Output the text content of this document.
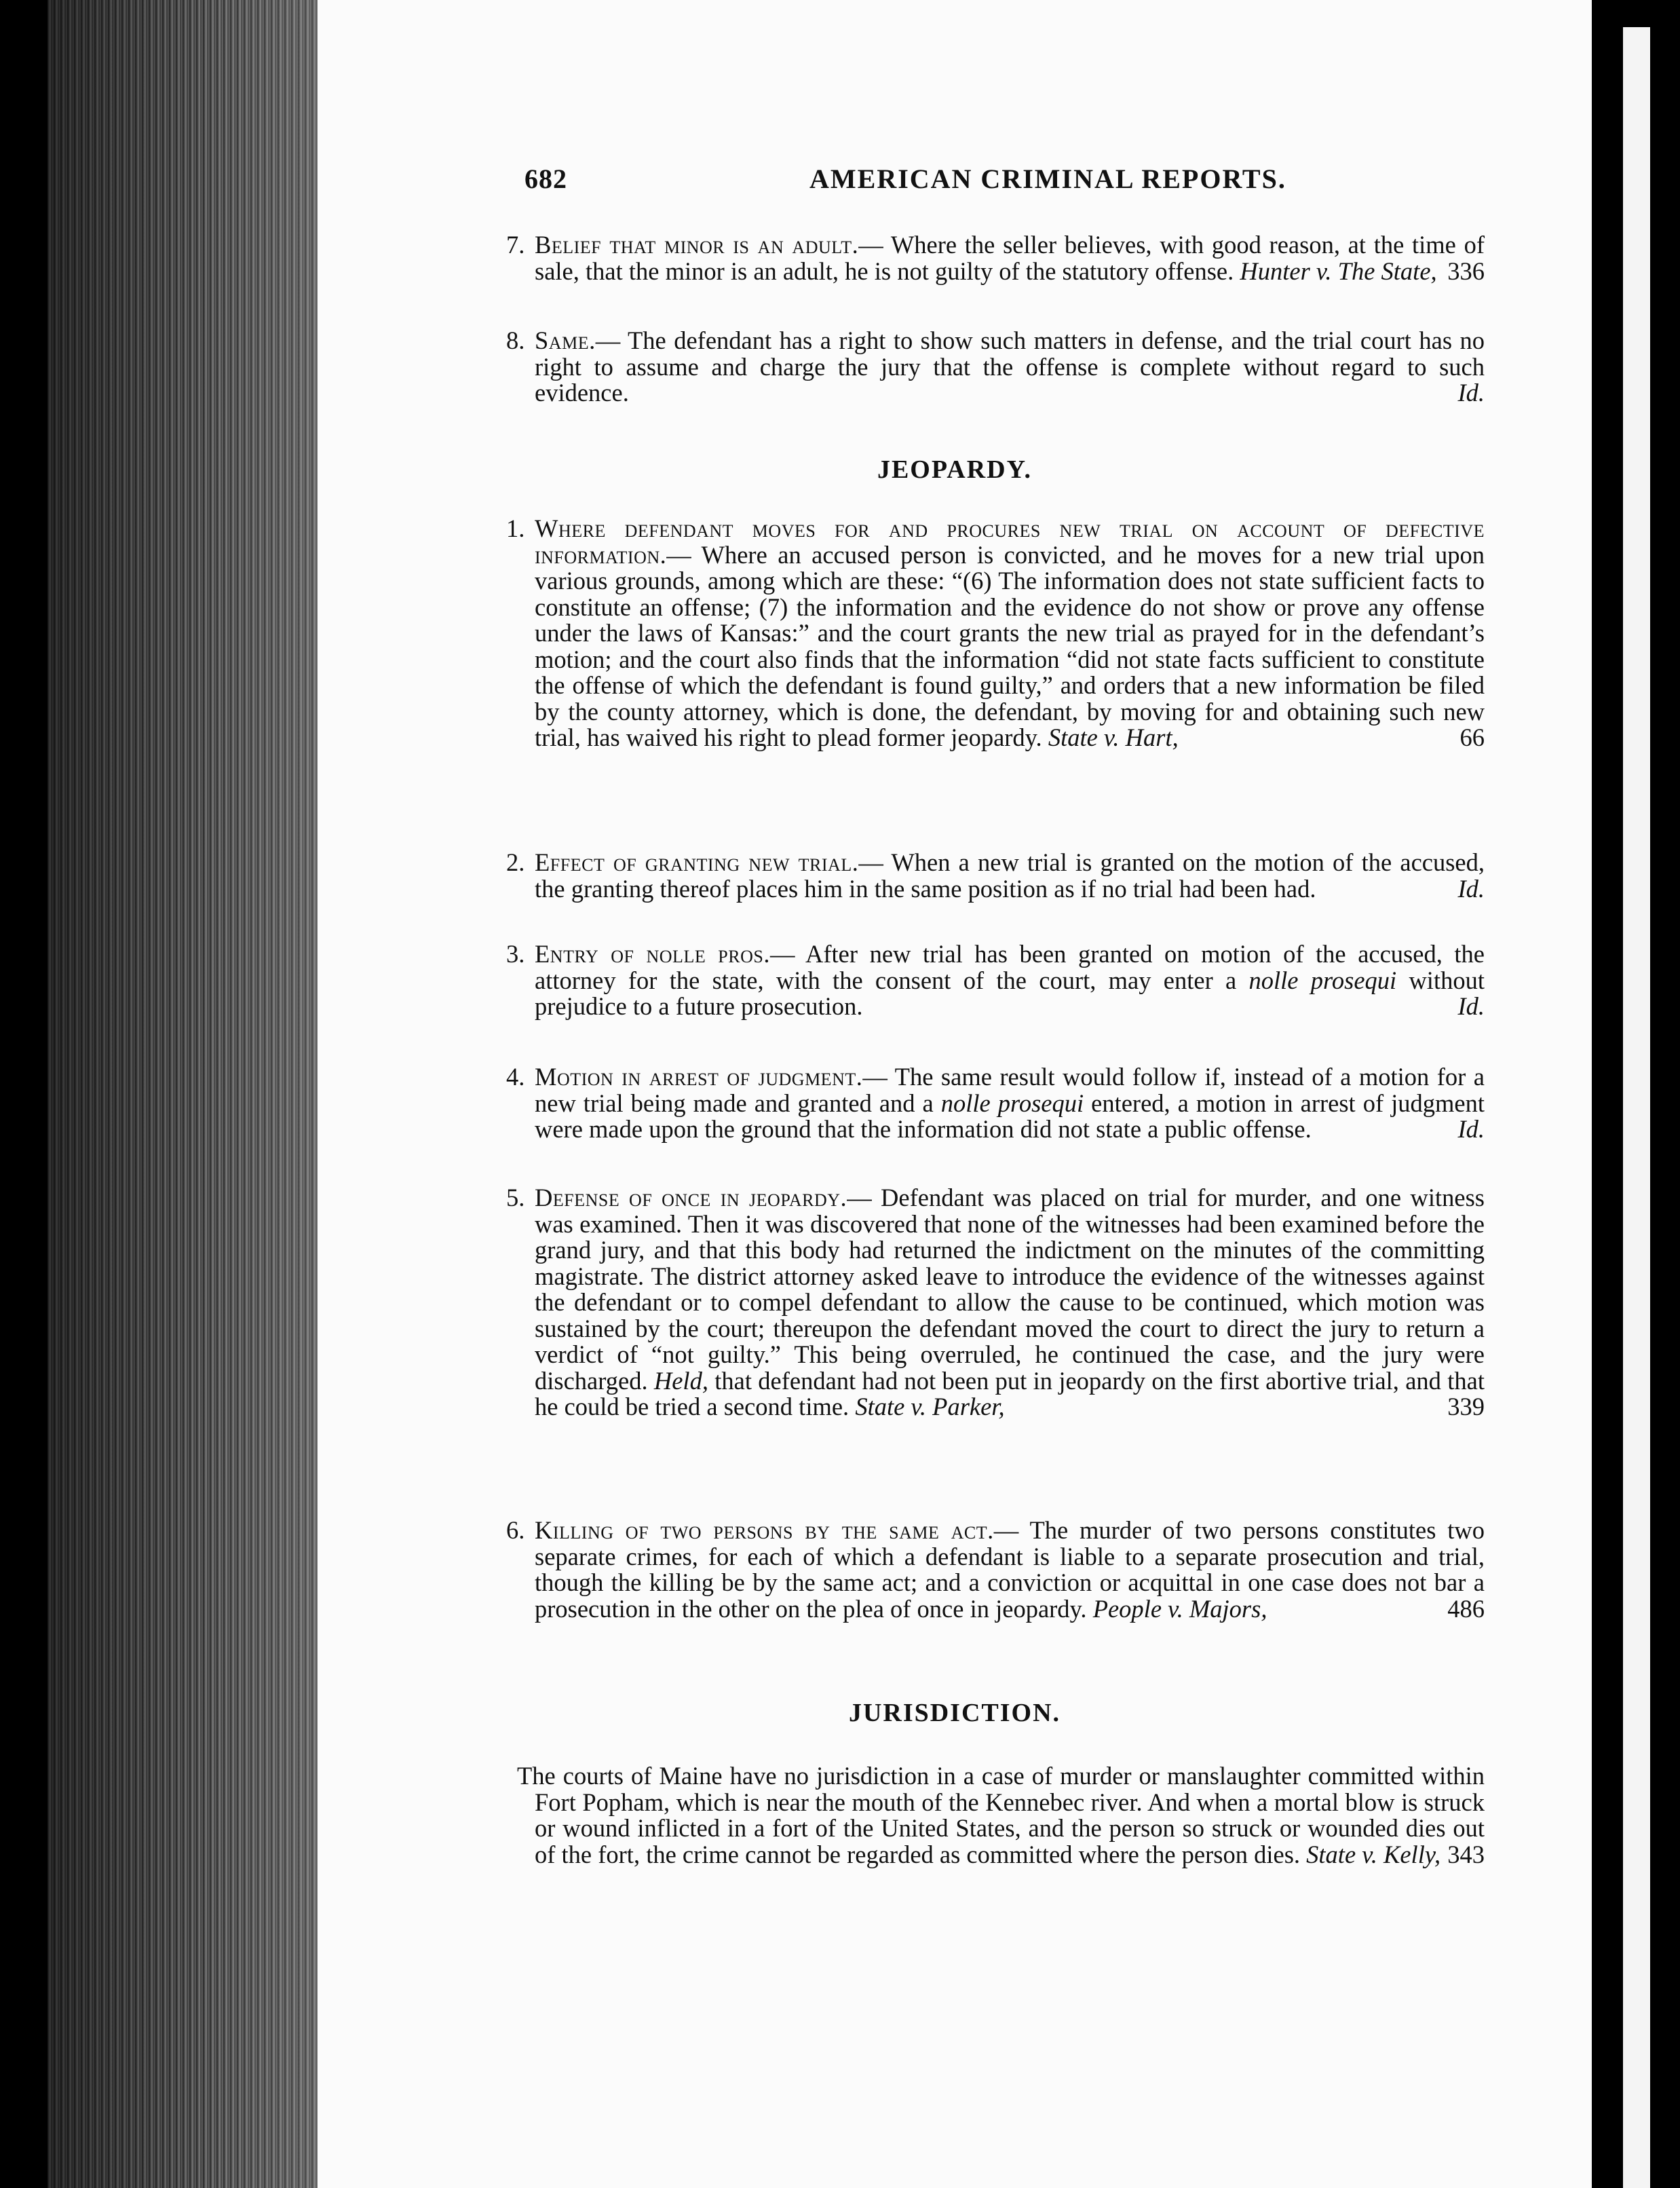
682	AMERICAN CRIMINAL REPORTS.
7. Belief that minor is an adult.— Where the seller believes, with good reason, at the time of sale, that the minor is an adult, he is not guilty of the statutory offense. Hunter v. The State, 336
8. Same.— The defendant has a right to show such matters in defense, and the trial court has no right to assume and charge the jury that the offense is complete without regard to such evidence.	Id.
JEOPARDY.
1. Where defendant moves for and procures new trial on account of defective information.— Where an accused person is convicted, and he moves for a new trial upon various grounds, among which are these: “(6) The information does not state sufficient facts to constitute an offense; (7) the information and the evidence do not show or prove any offense under the laws of Kansas:” and the court grants the new trial as prayed for in the defendant’s motion; and the court also finds that the information “did not state facts sufficient to constitute the offense of which the defendant is found guilty,” and orders that a new information be filed by the county attorney, which is done, the defendant, by moving for and obtaining such new trial, has waived his right to plead former jeopardy. State v. Hart,	66
2. Effect of granting new trial.— When a new trial is granted on the motion of the accused, the granting thereof places him in the same position as if no trial had been had.	Id.
3. Entry of nolle pros.— After new trial has been granted on motion of the accused, the attorney for the state, with the consent of the court, may enter a nolle prosequi without prejudice to a future prosecution.	Id.
4. Motion in arrest of judgment.— The same result would follow if, instead of a motion for a new trial being made and granted and a nolle prosequi entered, a motion in arrest of judgment were made upon the ground that the information did not state a public offense.	Id.
5. Defense of once in jeopardy.— Defendant was placed on trial for murder, and one witness was examined. Then it was discovered that none of the witnesses had been examined before the grand jury, and that this body had returned the indictment on the minutes of the committing magistrate. The district attorney asked leave to introduce the evidence of the witnesses against the defendant or to compel defendant to allow the cause to be continued, which motion was sustained by the court; thereupon the defendant moved the court to direct the jury to return a verdict of “not guilty.” This being overruled, he continued the case, and the jury were discharged. Held, that defendant had not been put in jeopardy on the first abortive trial, and that he could be tried a second time. State v. Parker,	339
6. Killing of two persons by the same act.— The murder of two persons constitutes two separate crimes, for each of which a defendant is liable to a separate prosecution and trial, though the killing be by the same act; and a conviction or acquittal in one case does not bar a prosecution in the other on the plea of once in jeopardy. People v. Majors,	486
JURISDICTION.
The courts of Maine have no jurisdiction in a case of murder or manslaughter committed within Fort Popham, which is near the mouth of the Kennebec river. And when a mortal blow is struck or wound inflicted in a fort of the United States, and the person so struck or wounded dies out of the fort, the crime cannot be regarded as committed where the person dies. State v. Kelly, 343
